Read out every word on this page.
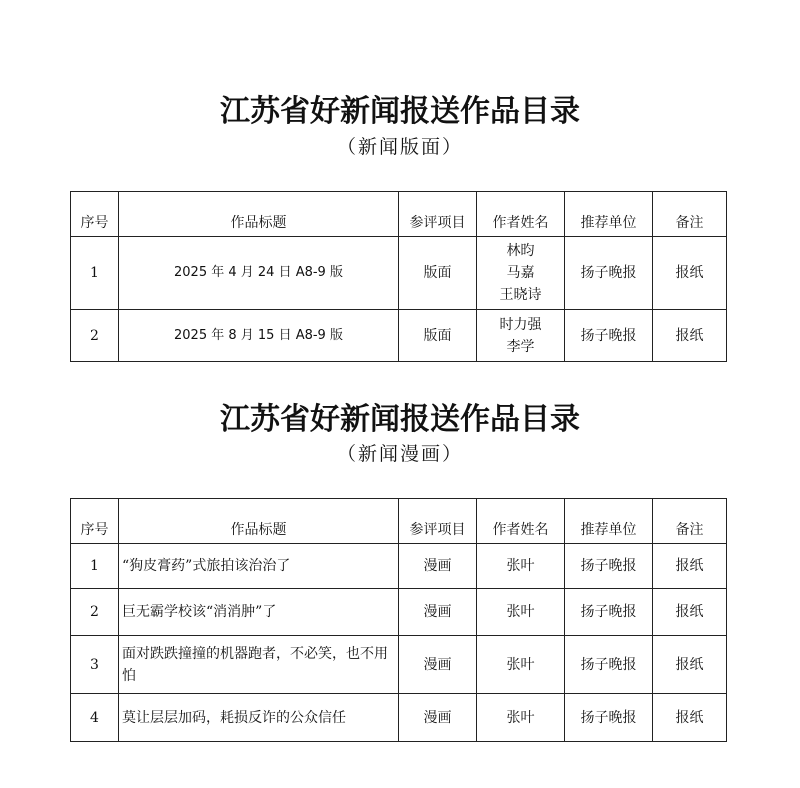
江苏省好新闻报送作品目录
（新闻版面）
序号	作品标题	参评项目	作者姓名	推荐单位	备注
1	2025 年 4 月 24 日 A8-9 版	版面	林昀
马嘉
王晓诗	扬子晚报	报纸
2	2025 年 8 月 15 日 A8-9 版	版面	时力强
李学	扬子晚报	报纸
江苏省好新闻报送作品目录
（新闻漫画）
序号	作品标题	参评项目	作者姓名	推荐单位	备注
1	“狗皮膏药”式旅拍该治治了	漫画	张叶	扬子晚报	报纸
2	巨无霸学校该“消消肿”了	漫画	张叶	扬子晚报	报纸
3	面对跌跌撞撞的机器跑者，不必笑，也不用怕	漫画	张叶	扬子晚报	报纸
4	莫让层层加码，耗损反诈的公众信任	漫画	张叶	扬子晚报	报纸
